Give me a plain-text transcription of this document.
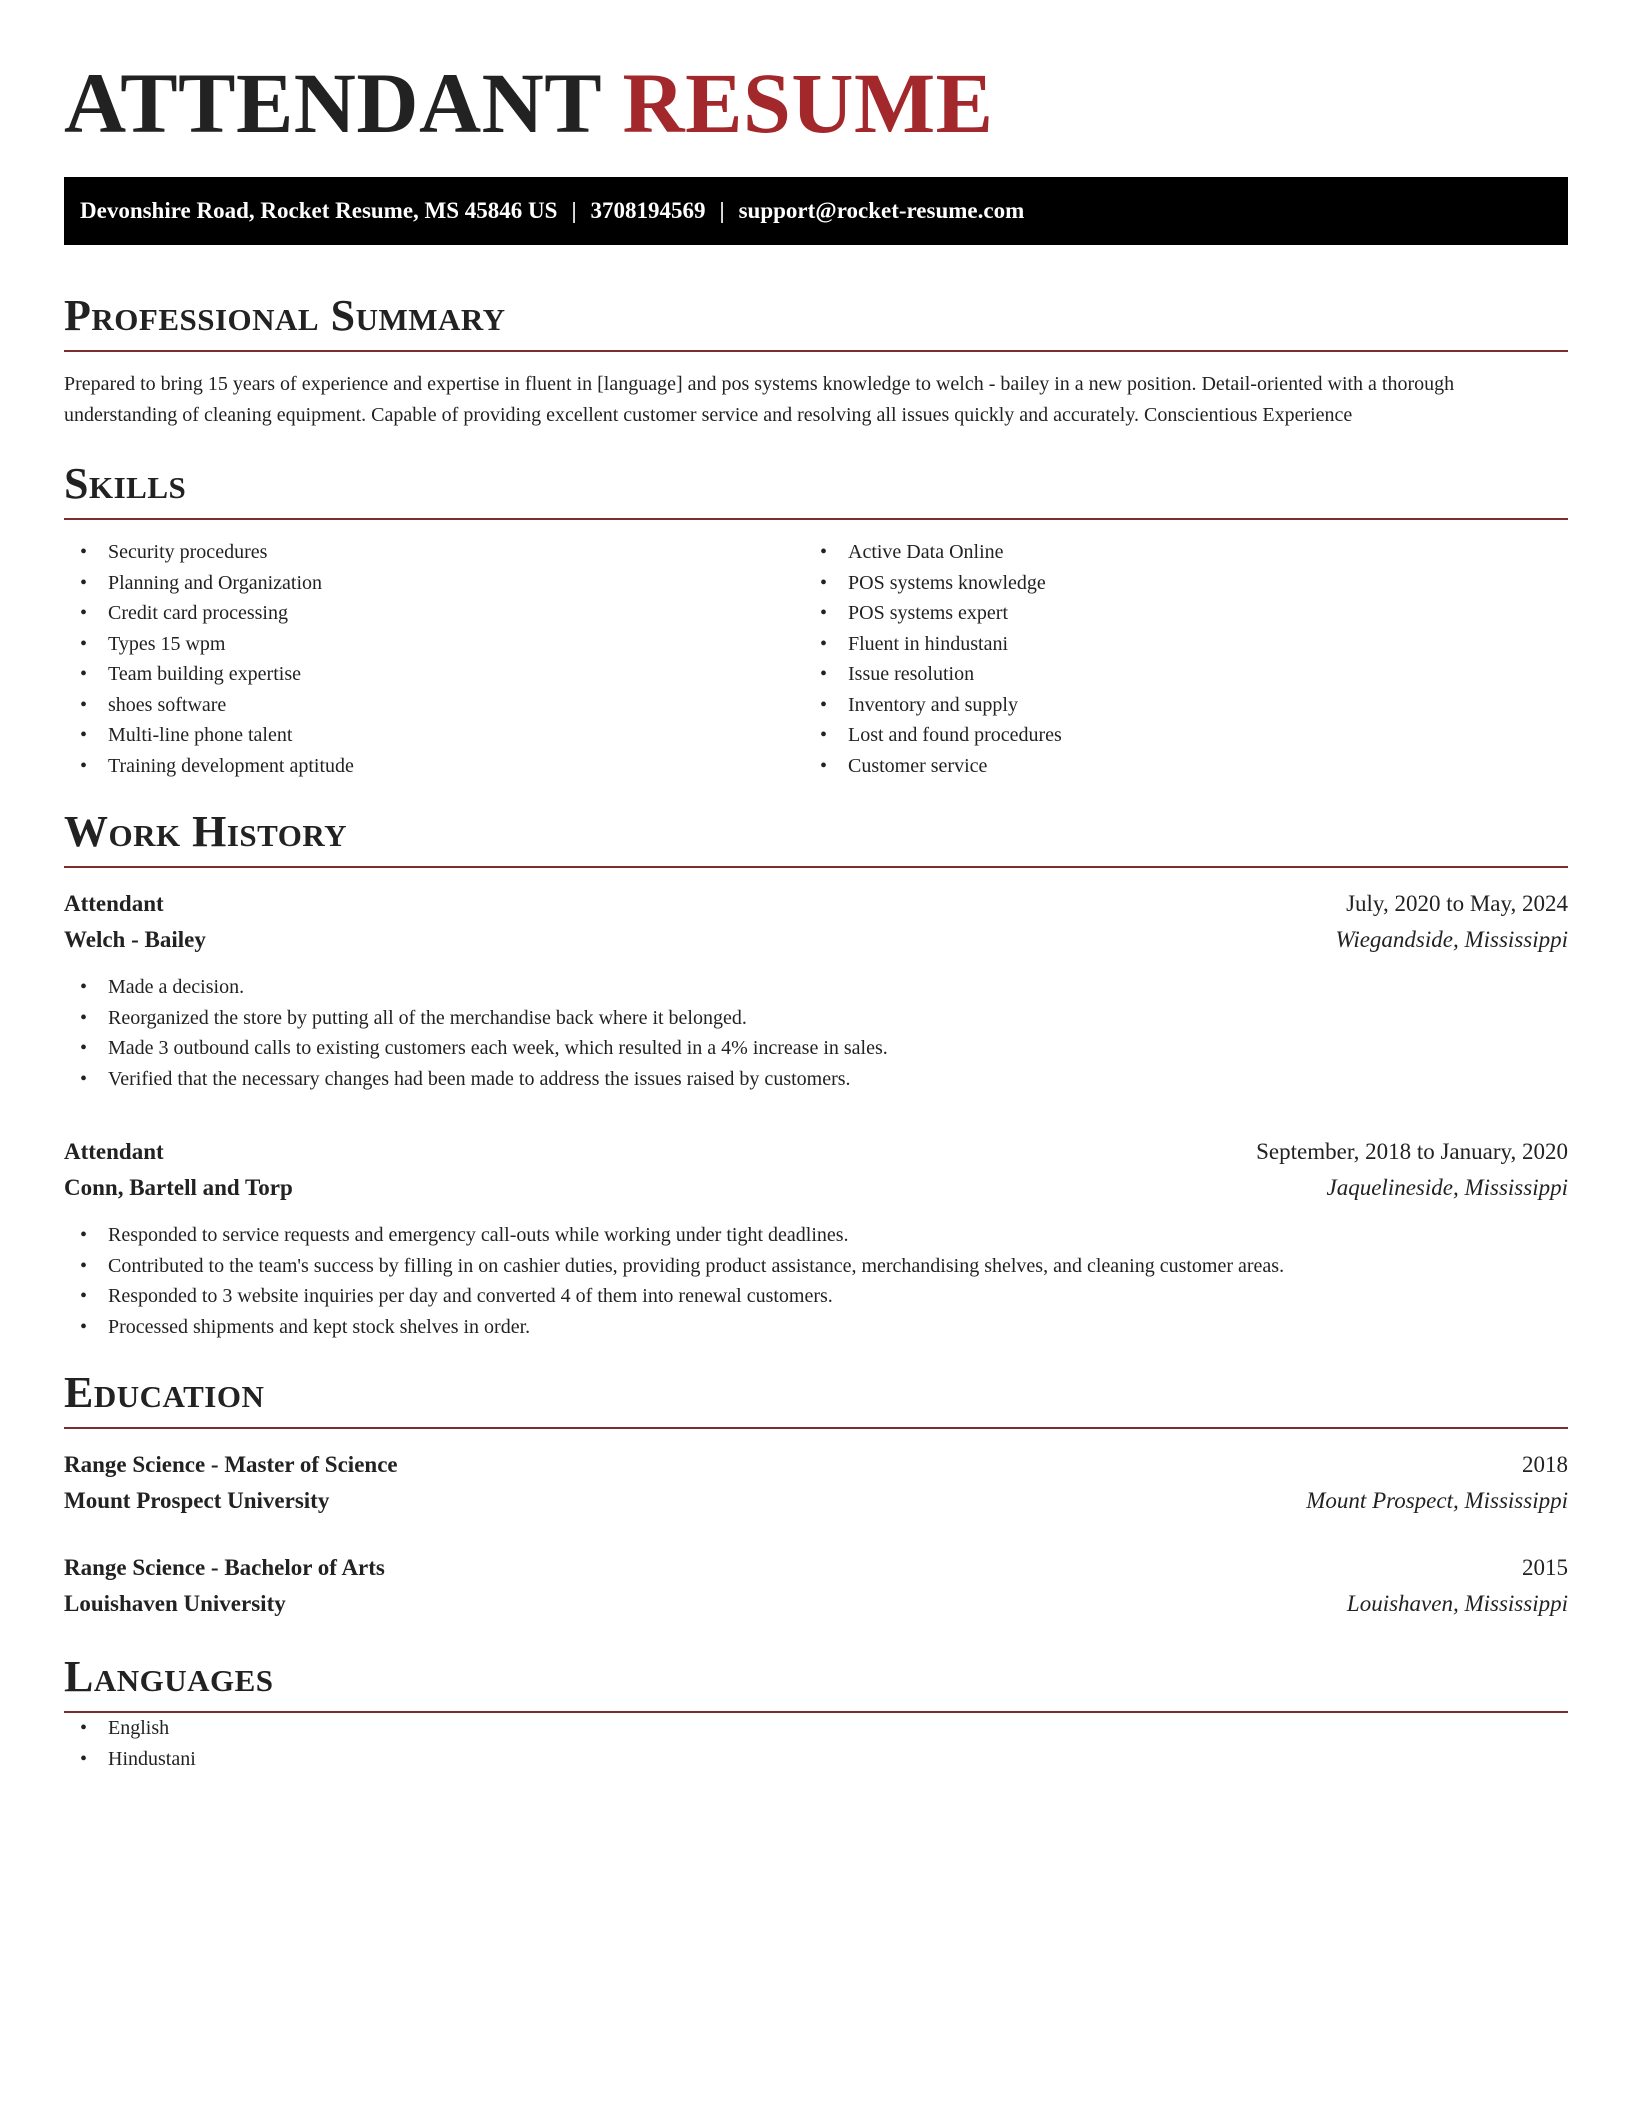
ATTENDANT RESUME
Devonshire Road, Rocket Resume, MS 45846 US | 3708194569 | support@rocket-resume.com
Professional Summary

Prepared to bring 15 years of experience and expertise in fluent in [language] and pos systems knowledge to welch - bailey in a new position. Detail-oriented with a thorough understanding of cleaning equipment. Capable of providing excellent customer service and resolving all issues quickly and accurately. Conscientious Experience

Skills
• Security procedures
• Planning and Organization
• Credit card processing
• Types 15 wpm
• Team building expertise
• shoes software
• Multi-line phone talent
• Training development aptitude
• Active Data Online
• POS systems knowledge
• POS systems expert
• Fluent in hindustani
• Issue resolution
• Inventory and supply
• Lost and found procedures
• Customer service
Work History
Attendant	July, 2020 to May, 2024
Welch - Bailey	Wiegandside, Mississippi
• Made a decision.
• Reorganized the store by putting all of the merchandise back where it belonged.
• Made 3 outbound calls to existing customers each week, which resulted in a 4% increase in sales.
• Verified that the necessary changes had been made to address the issues raised by customers.
Attendant	September, 2018 to January, 2020
Conn, Bartell and Torp	Jaquelineside, Mississippi
• Responded to service requests and emergency call-outs while working under tight deadlines.
• Contributed to the team's success by filling in on cashier duties, providing product assistance, merchandising shelves, and cleaning customer areas.
• Responded to 3 website inquiries per day and converted 4 of them into renewal customers.
• Processed shipments and kept stock shelves in order.
Education
Range Science - Master of Science	2018
Mount Prospect University	Mount Prospect, Mississippi
Range Science - Bachelor of Arts	2015
Louishaven University	Louishaven, Mississippi
Languages
• English
• Hindustani
